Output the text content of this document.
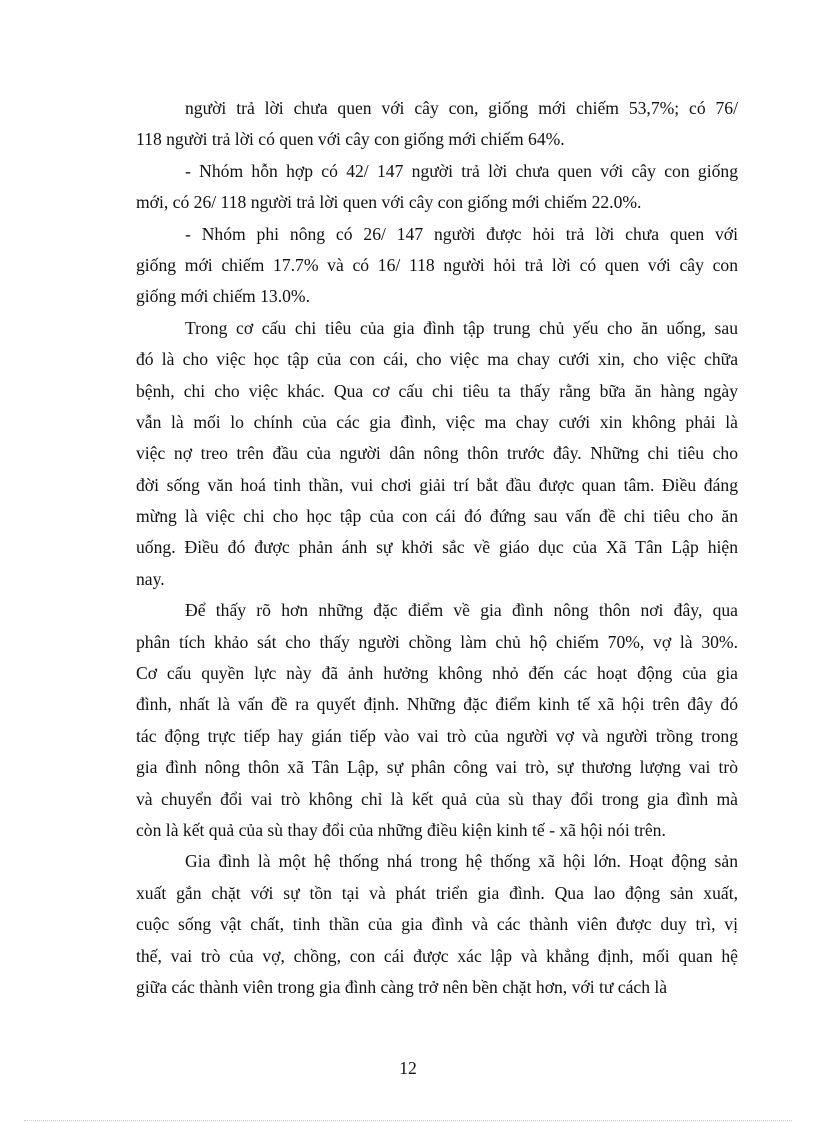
người trả lời chưa quen với cây con, giống mới chiếm 53,7%; có 76/
118 người trả lời có quen với cây con giống mới chiếm 64%.
- Nhóm hỗn hợp có 42/ 147 người trả lời chưa quen với cây con giống
mới, có 26/ 118 người trả lời quen với cây con giống mới chiếm 22.0%.
- Nhóm phi nông có 26/ 147 người được hỏi trả lời chưa quen với
giống mới chiếm 17.7% và có 16/ 118 người hỏi trả lời có quen với cây con
giống mới chiếm 13.0%.
Trong cơ cấu chi tiêu của gia đình tập trung chủ yếu cho ăn uống, sau
đó là cho việc học tập của con cái, cho việc ma chay cưới xin, cho việc chữa
bệnh, chi cho việc khác. Qua cơ cấu chi tiêu ta thấy rằng bữa ăn hàng ngày
vẫn là mối lo chính của các gia đình, việc ma chay cưới xin không phải là
việc nợ treo trên đầu của người dân nông thôn trước đây. Những chi tiêu cho
đời sống văn hoá tinh thần, vui chơi giải trí bắt đầu được quan tâm. Điều đáng
mừng là việc chi cho học tập của con cái đó đứng sau vấn đề chi tiêu cho ăn
uống. Điều đó được phản ánh sự khởi sắc về giáo dục của Xã Tân Lập hiện
nay.
Để thấy rõ hơn những đặc điểm về gia đình nông thôn nơi đây, qua
phân tích khảo sát cho thấy người chồng làm chủ hộ chiếm 70%, vợ là 30%.
Cơ cấu quyền lực này đã ảnh hưởng không nhỏ đến các hoạt động của gia
đình, nhất là vấn đề ra quyết định. Những đặc điểm kinh tế xã hội trên đây đó
tác động trực tiếp hay gián tiếp vào vai trò của người vợ và người trồng trong
gia đình nông thôn xã Tân Lập, sự phân công vai trò, sự thương lượng vai trò
và chuyển đổi vai trò không chỉ là kết quả của sù thay đổi trong gia đình mà
còn là kết quả của sù thay đổi của những điều kiện kinh tế - xã hội nói trên.
Gia đình là một hệ thống nhá trong hệ thống xã hội lớn. Hoạt động sản
xuất gắn chặt với sự tồn tại và phát triển gia đình. Qua lao động sản xuất,
cuộc sống vật chất, tinh thần của gia đình và các thành viên được duy trì, vị
thế, vai trò của vợ, chồng, con cái được xác lập và khẳng định, mối quan hệ
giữa các thành viên trong gia đình càng trở nên bền chặt hơn, với tư cách là
12
